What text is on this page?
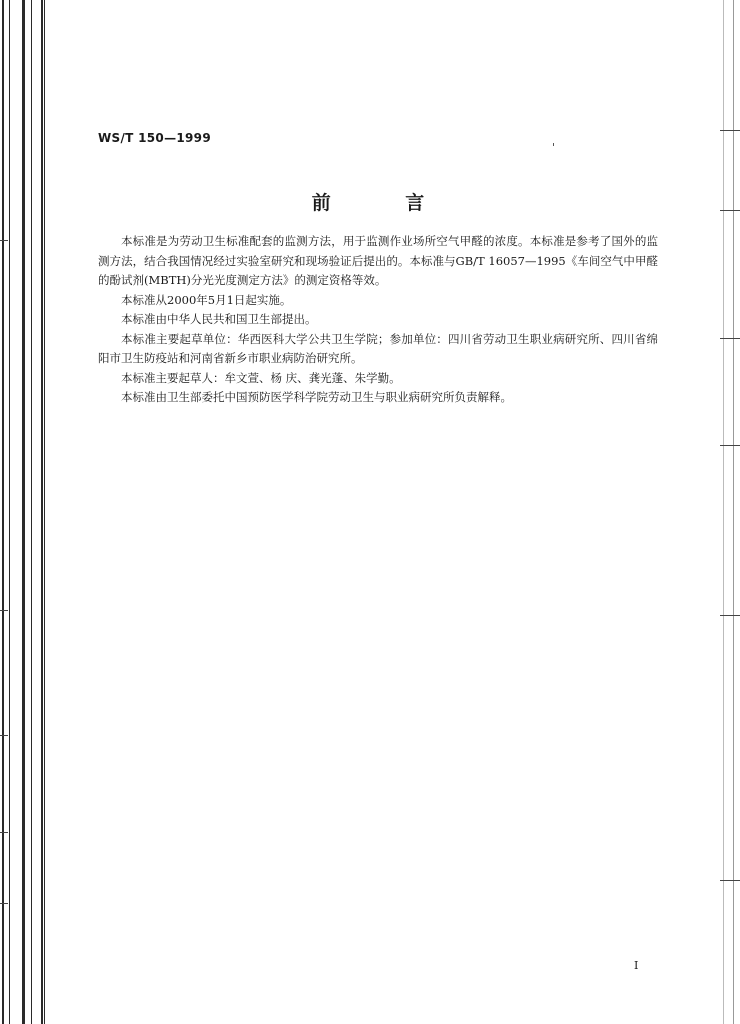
WS/T 150—1999
前 言

本标准是为劳动卫生标准配套的监测方法，用于监测作业场所空气甲醛的浓度。本标准是参考了国外的监测方法，结合我国情况经过实验室研究和现场验证后提出的。本标准与GB/T 16057—1995《车间空气中甲醛的酚试剂(MBTH)分光光度测定方法》的测定资格等效。

本标准从2000年5月1日起实施。

本标准由中华人民共和国卫生部提出。

本标准主要起草单位：华西医科大学公共卫生学院；参加单位：四川省劳动卫生职业病研究所、四川省绵阳市卫生防疫站和河南省新乡市职业病防治研究所。

本标准主要起草人：牟文萱、杨 庆、龚光蓬、朱学勤。

本标准由卫生部委托中国预防医学科学院劳动卫生与职业病研究所负责解释。

I
